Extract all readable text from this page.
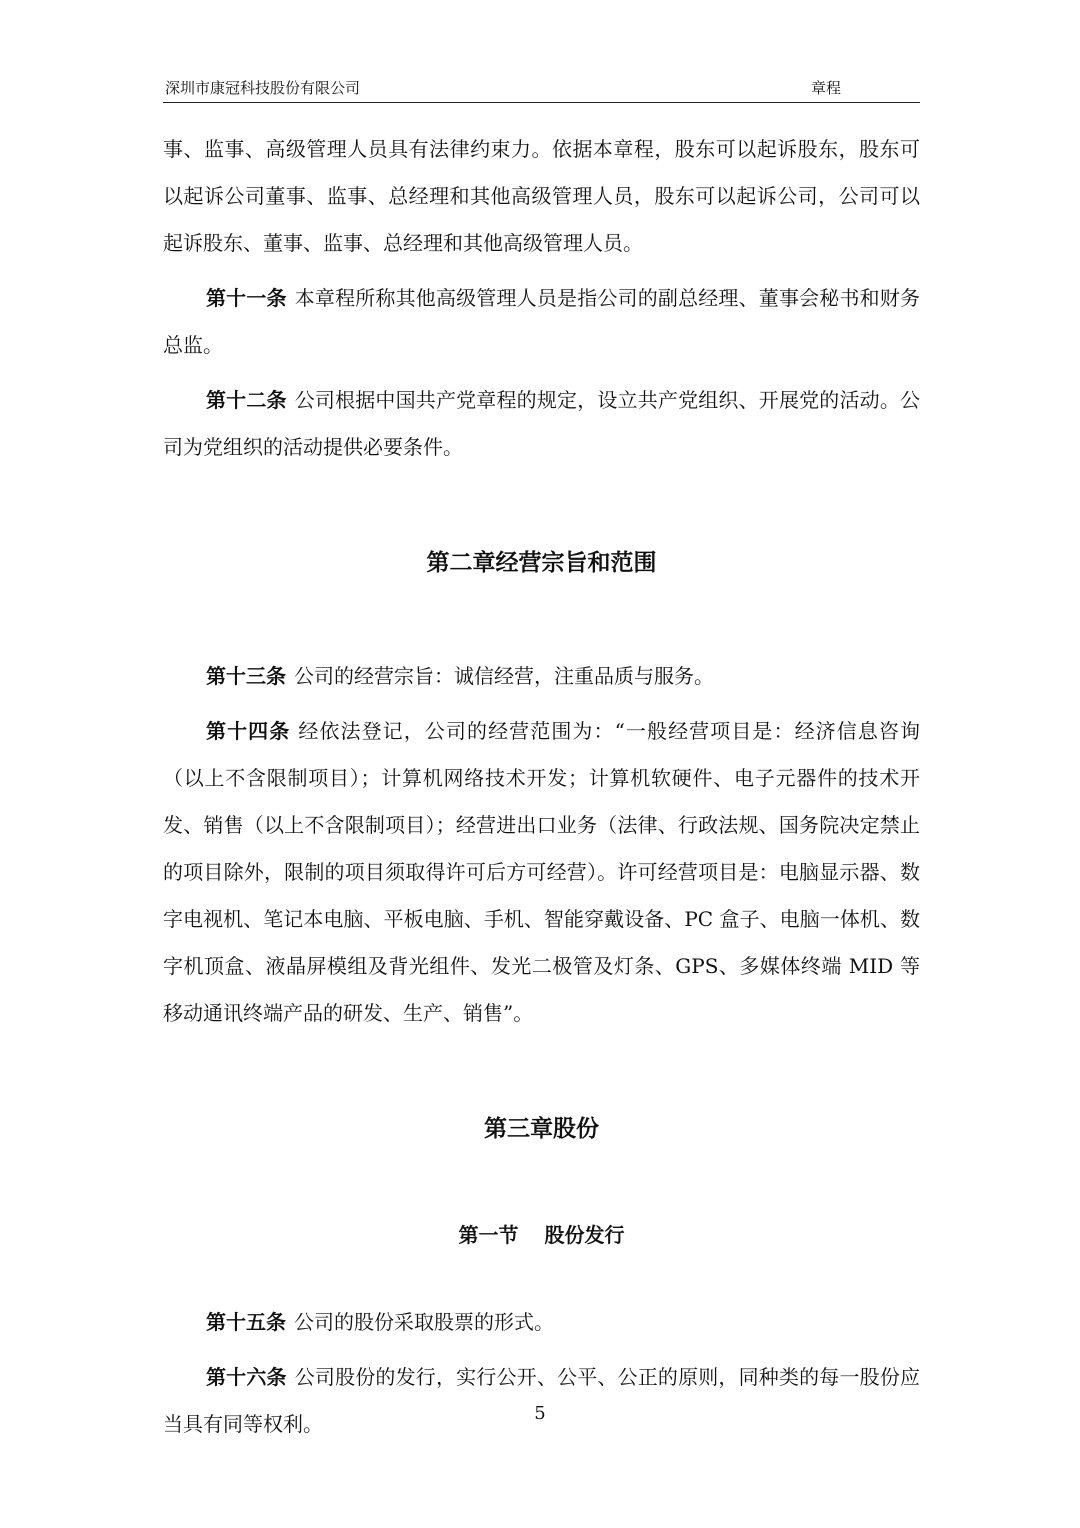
深圳市康冠科技股份有限公司	章程

事、监事、高级管理人员具有法律约束力。依据本章程，股东可以起诉股东，股东可以起诉公司董事、监事、总经理和其他高级管理人员，股东可以起诉公司，公司可以起诉股东、董事、监事、总经理和其他高级管理人员。

第十一条 本章程所称其他高级管理人员是指公司的副总经理、董事会秘书和财务总监。

第十二条 公司根据中国共产党章程的规定，设立共产党组织、开展党的活动。公司为党组织的活动提供必要条件。

第二章经营宗旨和范围

第十三条 公司的经营宗旨：诚信经营，注重品质与服务。

第十四条 经依法登记，公司的经营范围为：“一般经营项目是：经济信息咨询（以上不含限制项目）；计算机网络技术开发；计算机软硬件、电子元器件的技术开发、销售（以上不含限制项目）；经营进出口业务（法律、行政法规、国务院决定禁止的项目除外，限制的项目须取得许可后方可经营）。许可经营项目是：电脑显示器、数字电视机、笔记本电脑、平板电脑、手机、智能穿戴设备、PC 盒子、电脑一体机、数字机顶盒、液晶屏模组及背光组件、发光二极管及灯条、GPS、多媒体终端 MID 等移动通讯终端产品的研发、生产、销售”。

第三章股份
第一节 股份发行

第十五条 公司的股份采取股票的形式。

第十六条 公司股份的发行，实行公开、公平、公正的原则，同种类的每一股份应当具有同等权利。	5
